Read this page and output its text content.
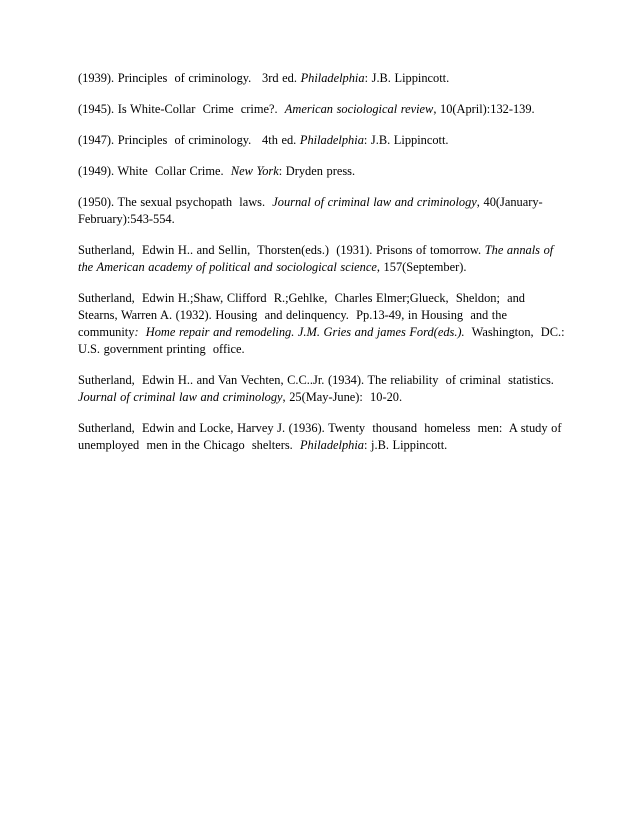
(1939). Principles  of criminology.   3rd ed. Philadelphia: J.B. Lippincott.

(1945). Is White-Collar  Crime  crime?.  American sociological review, 10(April):132-139.

(1947). Principles  of criminology.   4th ed. Philadelphia: J.B. Lippincott.

(1949). White  Collar Crime.  New York: Dryden press.

(1950). The sexual psychopath  laws.  Journal of criminal law and criminology, 40(January-February):543-554.

Sutherland,  Edwin H.. and Sellin,  Thorsten(eds.)  (1931). Prisons of tomorrow. The annals of the American academy of political and sociological science, 157(September).

Sutherland,  Edwin H.;Shaw, Clifford  R.;Gehlke,  Charles Elmer;Glueck,  Sheldon;  and Stearns, Warren A. (1932). Housing  and delinquency.  Pp.13-49, in Housing  and the community:  Home repair and remodeling. J.M. Gries and james Ford(eds.).  Washington,  DC.: U.S. government printing  office.

Sutherland,  Edwin H.. and Van Vechten, C.C..Jr. (1934). The reliability  of criminal  statistics. Journal of criminal law and criminology, 25(May-June):  10-20.

Sutherland,  Edwin and Locke, Harvey J. (1936). Twenty  thousand  homeless  men:  A study of unemployed  men in the Chicago  shelters.  Philadelphia: j.B. Lippincott.
